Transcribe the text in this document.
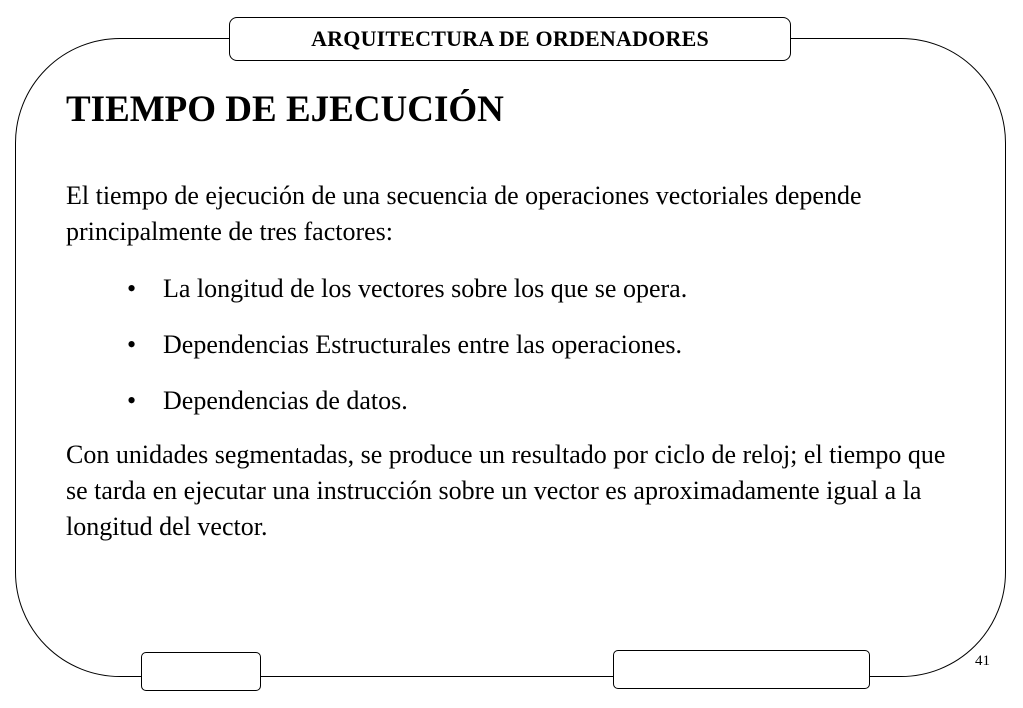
ARQUITECTURA DE ORDENADORES
TIEMPO DE EJECUCIÓN

El tiempo de ejecución de una secuencia de operaciones vectoriales depende principalmente de tres factores:

• La longitud de los vectores sobre los que se opera.
• Dependencias Estructurales entre las operaciones.
• Dependencias de datos.

Con unidades segmentadas, se produce un resultado por ciclo de reloj; el tiempo que se tarda en ejecutar una instrucción sobre un vector es aproximadamente igual a la longitud del vector.

41
